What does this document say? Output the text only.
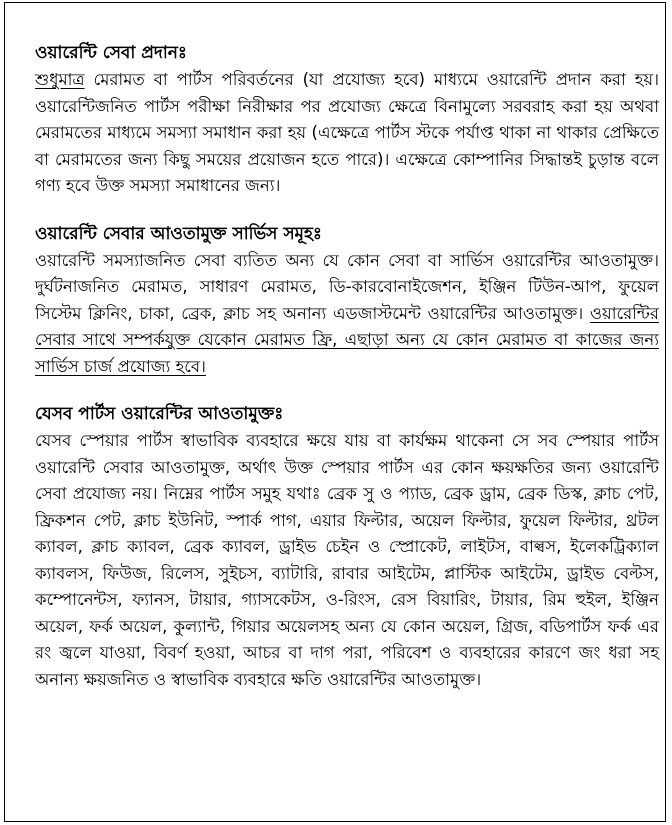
ওয়ারেন্টি সেবা প্রদানঃ

শুধুমাত্র মেরামত বা পার্টস পরিবর্তনের (যা প্রযোজ্য হবে) মাধ্যমে ওয়ারেন্টি প্রদান করা হয়। ওয়ারেন্টিজনিত পার্টস পরীক্ষা নিরীক্ষার পর প্রযোজ্য ক্ষেত্রে বিনামুল্যে সরবরাহ করা হয় অথবা মেরামতের মাধ্যমে সমস্যা সমাধান করা হয় (এক্ষেত্রে পার্টস স্টকে পর্যাপ্ত থাকা না থাকার প্রেক্ষিতে বা মেরামতের জন্য কিছু সময়ের প্রয়োজন হতে পারে)। এক্ষেত্রে কোম্পানির সিদ্ধান্তই চুড়ান্ত বলে গণ্য হবে উক্ত সমস্যা সমাধানের জন্য।

ওয়ারেন্টি সেবার আওতামুক্ত সার্ভিস সমূহঃ

ওয়ারেন্টি সমস্যাজনিত সেবা ব্যতিত অন্য যে কোন সেবা বা সার্ভিস ওয়ারেন্টির আওতামুক্ত। দুর্ঘটনাজনিত মেরামত, সাধারণ মেরামত, ডি-কারবোনাইজেশন, ইঞ্জিন টিউন-আপ, ফুয়েল সিস্টেম ক্লিনিং, চাকা, ব্রেক, ক্লাচ সহ অনান্য এডজাস্টমেন্ট ওয়ারেন্টির আওতামুক্ত। ওয়ারেন্টির সেবার সাথে সম্পর্কযুক্ত যেকোন মেরামত ফ্রি, এছাড়া অন্য যে কোন মেরামত বা কাজের জন্য সার্ভিস চার্জ প্রযোজ্য হবে।

যেসব পার্টস ওয়ারেন্টির আওতামুক্তঃ

যেসব স্পেয়ার পার্টস স্বাভাবিক ব্যবহারে ক্ষয়ে যায় বা কার্যক্ষম থাকেনা সে সব স্পেয়ার পার্টস ওয়ারেন্টি সেবার আওতামুক্ত, অর্থাৎ উক্ত স্পেয়ার পার্টস এর কোন ক্ষয়ক্ষতির জন্য ওয়ারেন্টি সেবা প্রযোজ্য নয়। নিম্নের পার্টস সমুহ যথাঃ ব্রেক সু ও প্যাড, ব্রেক ড্রাম, ব্রেক ডিস্ক, ক্লাচ পেট, ফ্রিকশন পেট, ক্লাচ ইউনিট, স্পার্ক পাগ, এয়ার ফিল্টার, অয়েল ফিল্টার, ফুয়েল ফিল্টার, থ্রটল ক্যাবল, ক্লাচ ক্যাবল, ব্রেক ক্যাবল, ড্রাইভ চেইন ও স্প্রোকেট, লাইটস, বাল্বস, ইলেকট্রিক্যাল ক্যাবলস, ফিউজ, রিলেস, সুইচস, ব্যাটারি, রাবার আইটেম, প্লাস্টিক আইটেম, ড্রাইভ বেল্টস, কম্পোনেন্টস, ফ্যানস, টায়ার, গ্যাসকেটস, ও-রিংস, রেস বিয়ারিং, টায়ার, রিম হুইল, ইঞ্জিন অয়েল, ফর্ক অয়েল, কুল্যান্ট, গিয়ার অয়েলসহ অন্য যে কোন অয়েল, গ্রিজ, বডিপার্টস ফর্ক এর রং জ্বলে যাওয়া, বিবর্ণ হওয়া, আচর বা দাগ পরা, পরিবেশ ও ব্যবহারের কারণে জং ধরা সহ অনান্য ক্ষয়জনিত ও স্বাভাবিক ব্যবহারে ক্ষতি ওয়ারেন্টির আওতামুক্ত।
